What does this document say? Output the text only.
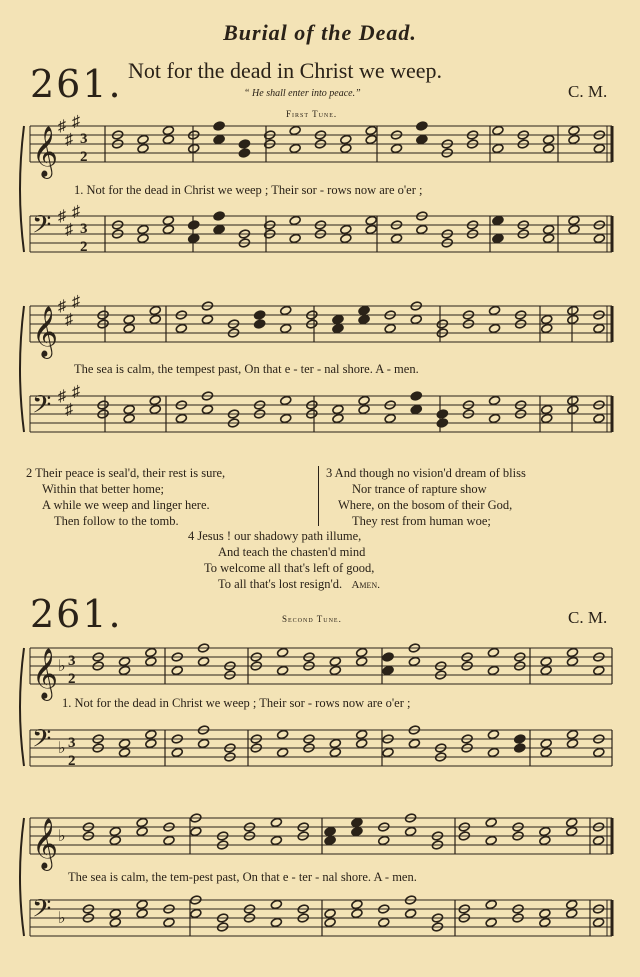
Burial of the Dead.
261. Not for the dead in Christ we weep.
“ He shall enter into peace.”	C. M.
First Tune.
𝄞
♯
♯
♯
3
2
𝄢 ♯
♯
♯
3
2
𝄞
♯
♯
♯
𝄢 ♯
♯
♯
𝄞 ♭ 3
2
𝄢 ♭ 3
2
𝄞 ♭
𝄢 ♭
1. Not for the dead in Christ we weep ; Their sor - rows now are o'er ;
The sea is calm, the tempest past, On that e - ter - nal shore. A - men.
2 Their peace is seal'd, their rest is sure,
Within that better home;
A while we weep and linger here.
Then follow to the tomb.
3 And though no vision'd dream of bliss
Nor trance of rapture show
Where, on the bosom of their God,
They rest from human woe;
4 Jesus ! our shadowy path illume,
And teach the chasten'd mind
To welcome all that's left of good,
To all that's lost resign'd. Amen.
261.	Second Tune.	C. M.
1. Not for the dead in Christ we weep ; Their sor - rows now are o'er ;
The sea is calm, the tem-pest past, On that e - ter - nal shore. A - men.
